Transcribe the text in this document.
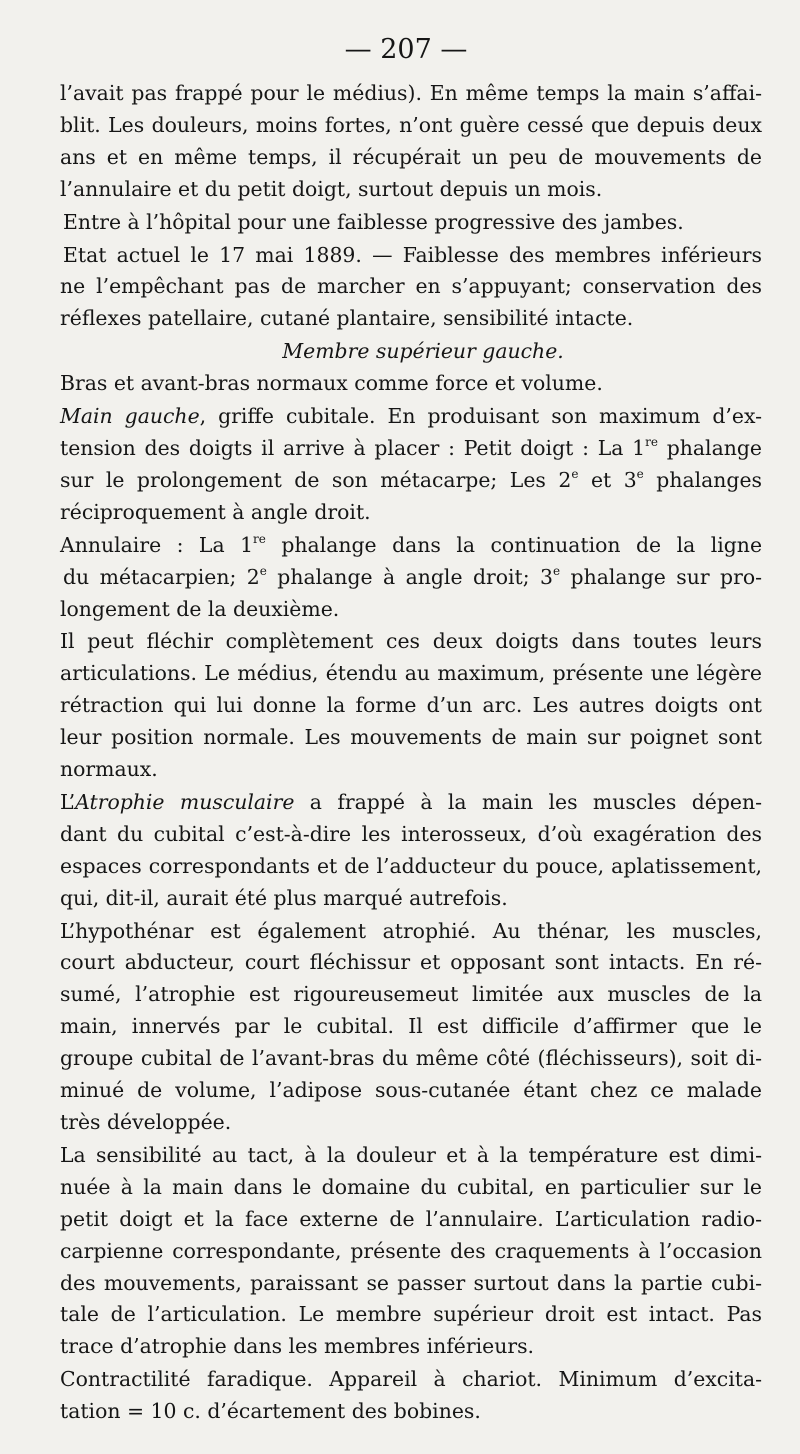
— 207 —
l’avait pas frappé pour le médius). En même temps la main s’affai-
blit. Les douleurs, moins fortes, n’ont guère cessé que depuis deux
ans et en même temps, il récupérait un peu de mouvements de
l’annulaire et du petit doigt, surtout depuis un mois.
Entre à l’hôpital pour une faiblesse progressive des jambes.
Etat actuel le 17 mai 1889. — Faiblesse des membres inférieurs
ne l’empêchant pas de marcher en s’appuyant; conservation des
réflexes patellaire, cutané plantaire, sensibilité intacte.
Membre supérieur gauche.
Bras et avant-bras normaux comme force et volume.
Main gauche, griffe cubitale. En produisant son maximum d’ex-
tension des doigts il arrive à placer : Petit doigt : La 1re phalange
sur le prolongement de son métacarpe; Les 2e et 3e phalanges
réciproquement à angle droit.
Annulaire : La 1re phalange dans la continuation de la ligne
du métacarpien; 2e phalange à angle droit; 3e phalange sur pro-
longement de la deuxième.
Il peut fléchir complètement ces deux doigts dans toutes leurs
articulations. Le médius, étendu au maximum, présente une légère
rétraction qui lui donne la forme d’un arc. Les autres doigts ont
leur position normale. Les mouvements de main sur poignet sont
normaux.
L’Atrophie musculaire a frappé à la main les muscles dépen-
dant du cubital c’est-à-dire les interosseux, d’où exagération des
espaces correspondants et de l’adducteur du pouce, aplatissement,
qui, dit-il, aurait été plus marqué autrefois.
L’hypothénar est également atrophié. Au thénar, les muscles,
court abducteur, court fléchissur et opposant sont intacts. En ré-
sumé, l’atrophie est rigoureusemeut limitée aux muscles de la
main, innervés par le cubital. Il est difficile d’affirmer que le
groupe cubital de l’avant-bras du même côté (fléchisseurs), soit di-
minué de volume, l’adipose sous-cutanée étant chez ce malade
très développée.
La sensibilité au tact, à la douleur et à la température est dimi-
nuée à la main dans le domaine du cubital, en particulier sur le
petit doigt et la face externe de l’annulaire. L’articulation radio-
carpienne correspondante, présente des craquements à l’occasion
des mouvements, paraissant se passer surtout dans la partie cubi-
tale de l’articulation. Le membre supérieur droit est intact. Pas
trace d’atrophie dans les membres inférieurs.
Contractilité faradique. Appareil à chariot. Minimum d’excita-
tation = 10 c. d’écartement des bobines.
